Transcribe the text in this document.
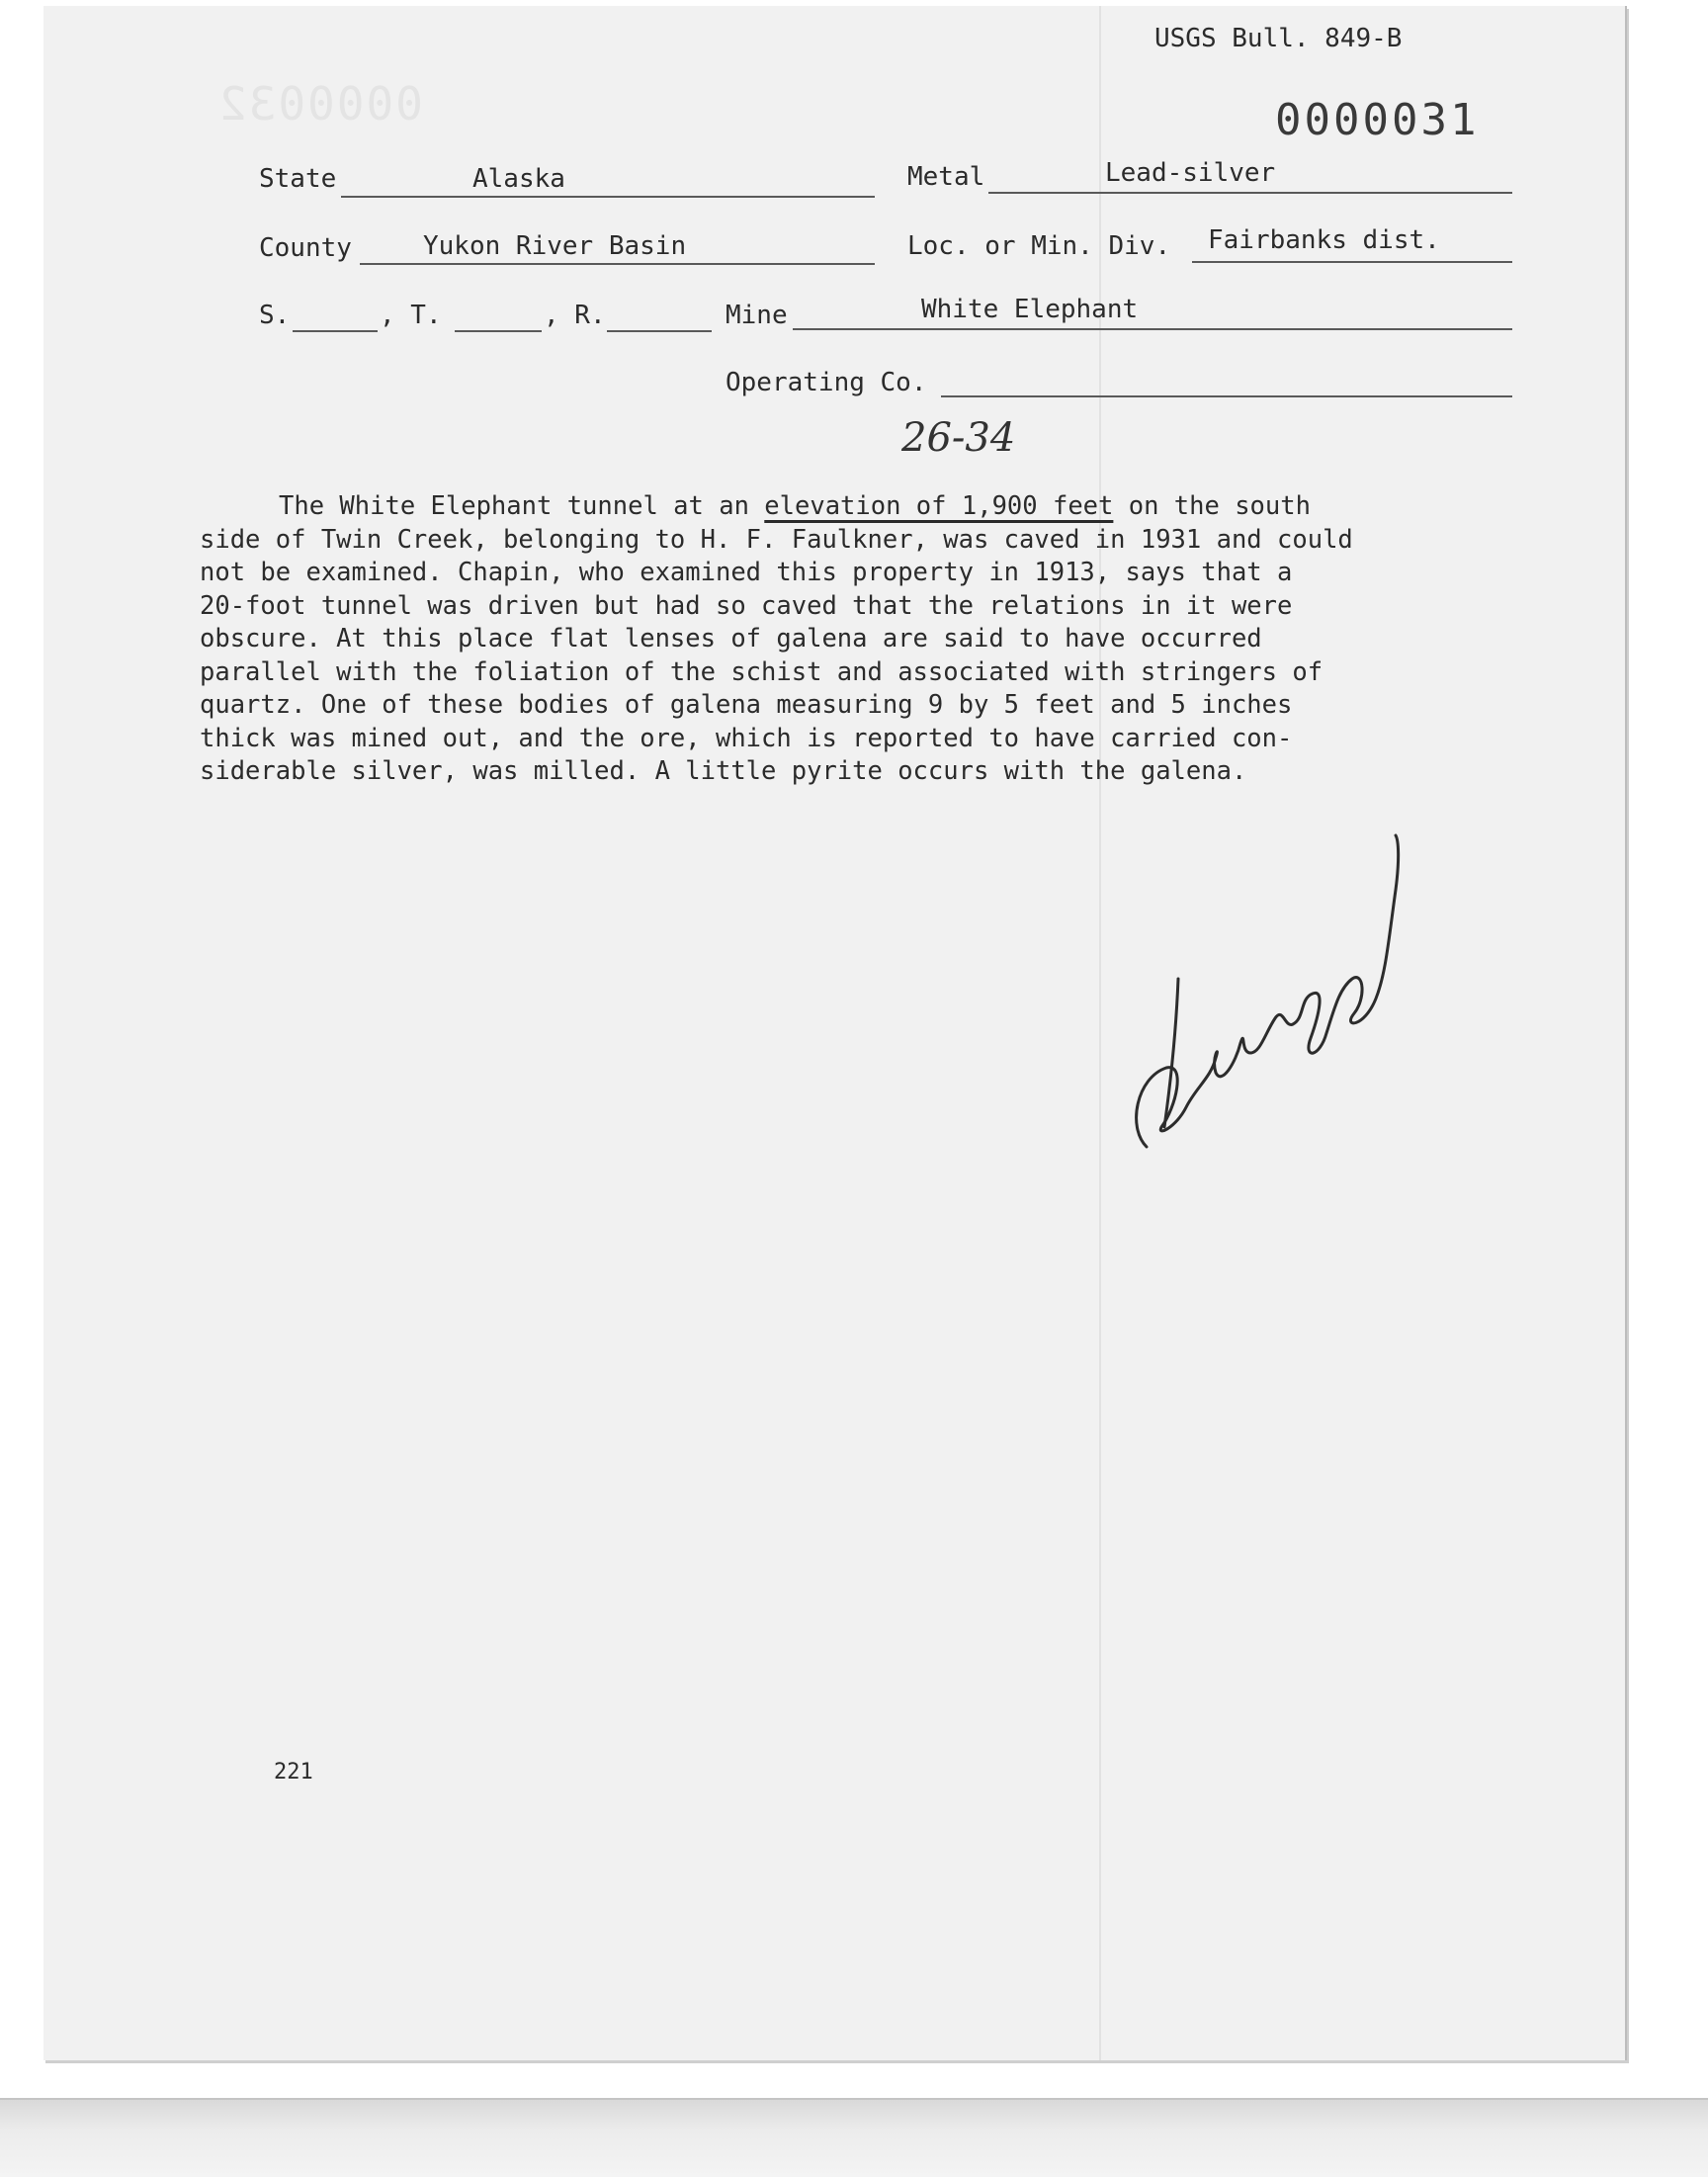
USGS Bull. 849-B
0000032	0000031
State	Alaska	Metal	Lead-silver
County	Yukon River Basin	Loc. or Min. Div. Fairbanks dist.
S.	, T.	, R.	Mine	White Elephant
Operating Co.
26-34
The White Elephant tunnel at an elevation of 1,900 feet on the south
side of Twin Creek, belonging to H. F. Faulkner, was caved in 1931 and could
not be examined. Chapin, who examined this property in 1913, says that a
20-foot tunnel was driven but had so caved that the relations in it were
obscure. At this place flat lenses of galena are said to have occurred
parallel with the foliation of the schist and associated with stringers of
quartz. One of these bodies of galena measuring 9 by 5 feet and 5 inches
thick was mined out, and the ore, which is reported to have carried con-
siderable silver, was milled. A little pyrite occurs with the galena.
221
